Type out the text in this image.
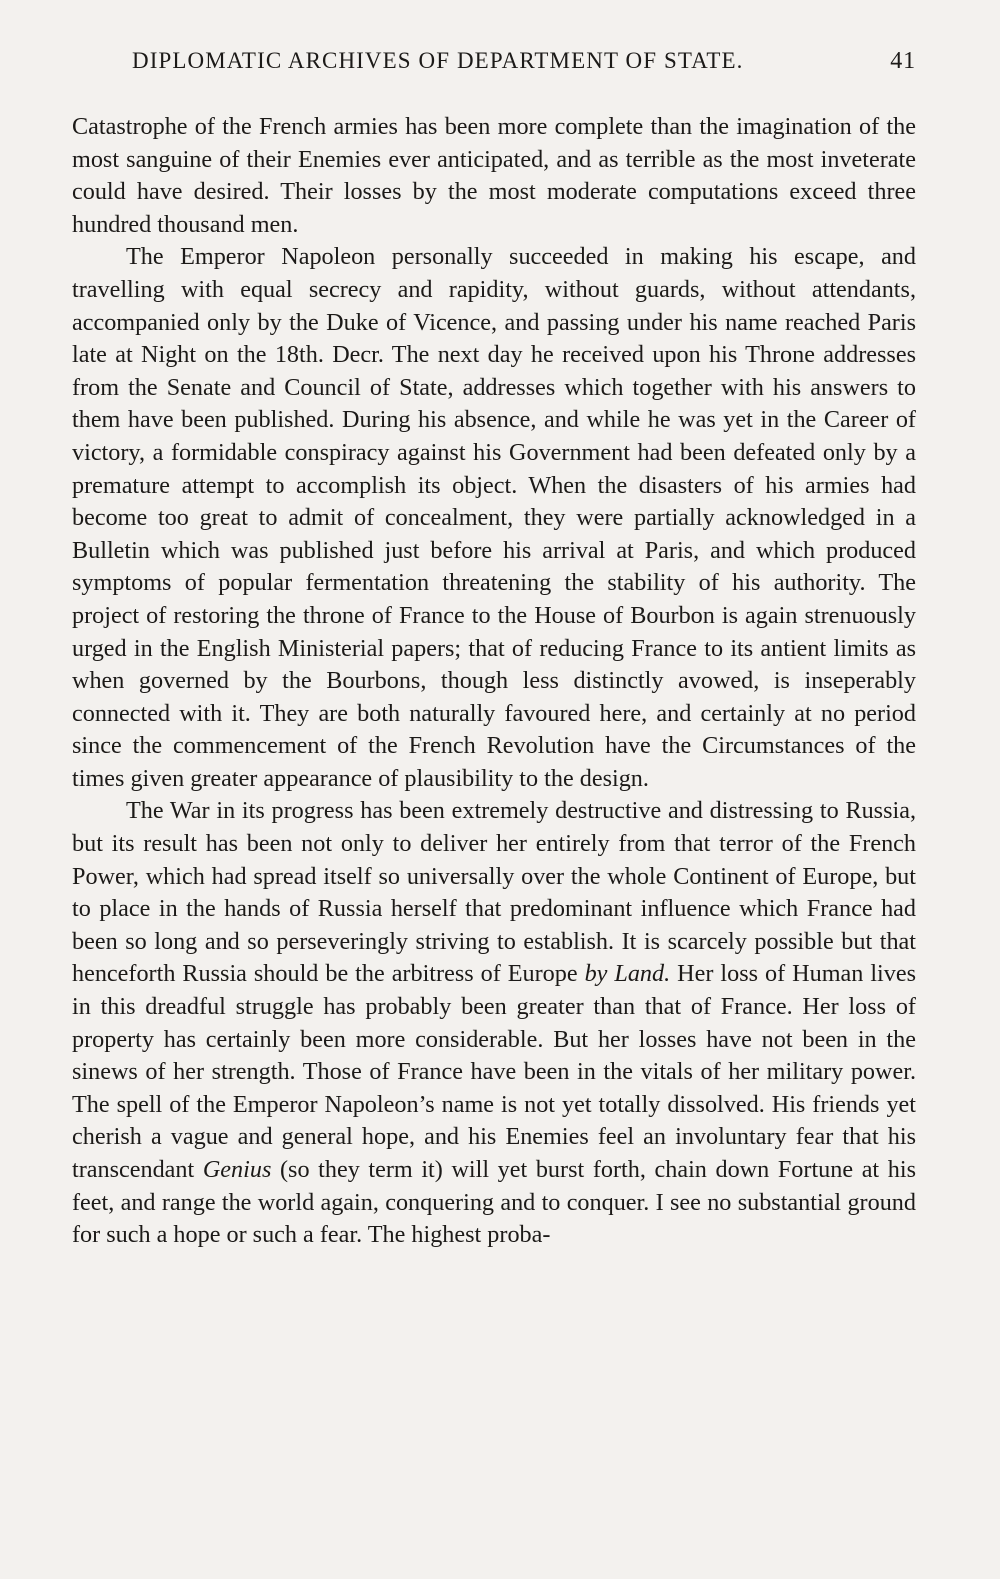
DIPLOMATIC ARCHIVES OF DEPARTMENT OF STATE.	41

Catastrophe of the French armies has been more complete than the imagination of the most sanguine of their Enemies ever anticipated, and as terrible as the most inveterate could have desired. Their losses by the most moderate computations exceed three hundred thousand men.

The Emperor Napoleon personally succeeded in making his escape, and travelling with equal secrecy and rapidity, without guards, without attendants, accompanied only by the Duke of Vicence, and passing under his name reached Paris late at Night on the 18th. Decr. The next day he received upon his Throne addresses from the Senate and Council of State, addresses which together with his answers to them have been published. During his absence, and while he was yet in the Career of victory, a formidable conspiracy against his Government had been defeated only by a premature attempt to accomplish its object. When the disasters of his armies had become too great to admit of concealment, they were partially acknowledged in a Bulletin which was published just before his arrival at Paris, and which produced symptoms of popular fermentation threatening the stability of his authority. The project of restoring the throne of France to the House of Bourbon is again strenuously urged in the English Ministerial papers; that of reducing France to its antient limits as when governed by the Bourbons, though less distinctly avowed, is inseperably connected with it. They are both naturally favoured here, and certainly at no period since the commencement of the French Revolution have the Circumstances of the times given greater appearance of plausibility to the design.

The War in its progress has been extremely destructive and distressing to Russia, but its result has been not only to deliver her entirely from that terror of the French Power, which had spread itself so universally over the whole Continent of Europe, but to place in the hands of Russia herself that predominant influence which France had been so long and so perseveringly striving to establish. It is scarcely possible but that henceforth Russia should be the arbitress of Europe by Land. Her loss of Human lives in this dreadful struggle has probably been greater than that of France. Her loss of property has certainly been more considerable. But her losses have not been in the sinews of her strength. Those of France have been in the vitals of her military power. The spell of the Emperor Napoleon’s name is not yet totally dissolved. His friends yet cherish a vague and general hope, and his Enemies feel an involuntary fear that his transcendant Genius (so they term it) will yet burst forth, chain down Fortune at his feet, and range the world again, conquering and to conquer. I see no substantial ground for such a hope or such a fear. The highest proba-
